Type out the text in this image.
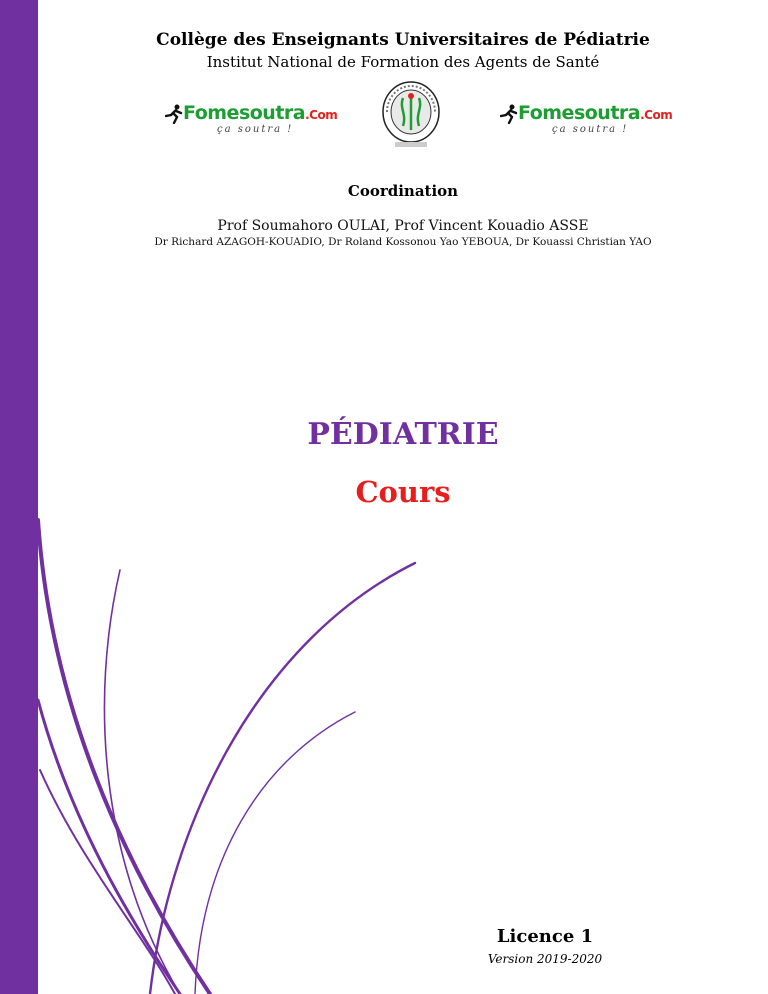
Collège des Enseignants Universitaires de Pédiatrie
Institut National de Formation des Agents de Santé
Fomesoutra.Com
ça soutra !
Fomesoutra.Com
ça soutra !
Coordination
Prof Soumahoro OULAI, Prof Vincent Kouadio ASSE
Dr Richard AZAGOH-KOUADIO, Dr Roland Kossonou Yao YEBOUA, Dr Kouassi Christian YAO
PÉDIATRIE
Cours
Licence 1
Version 2019-2020
